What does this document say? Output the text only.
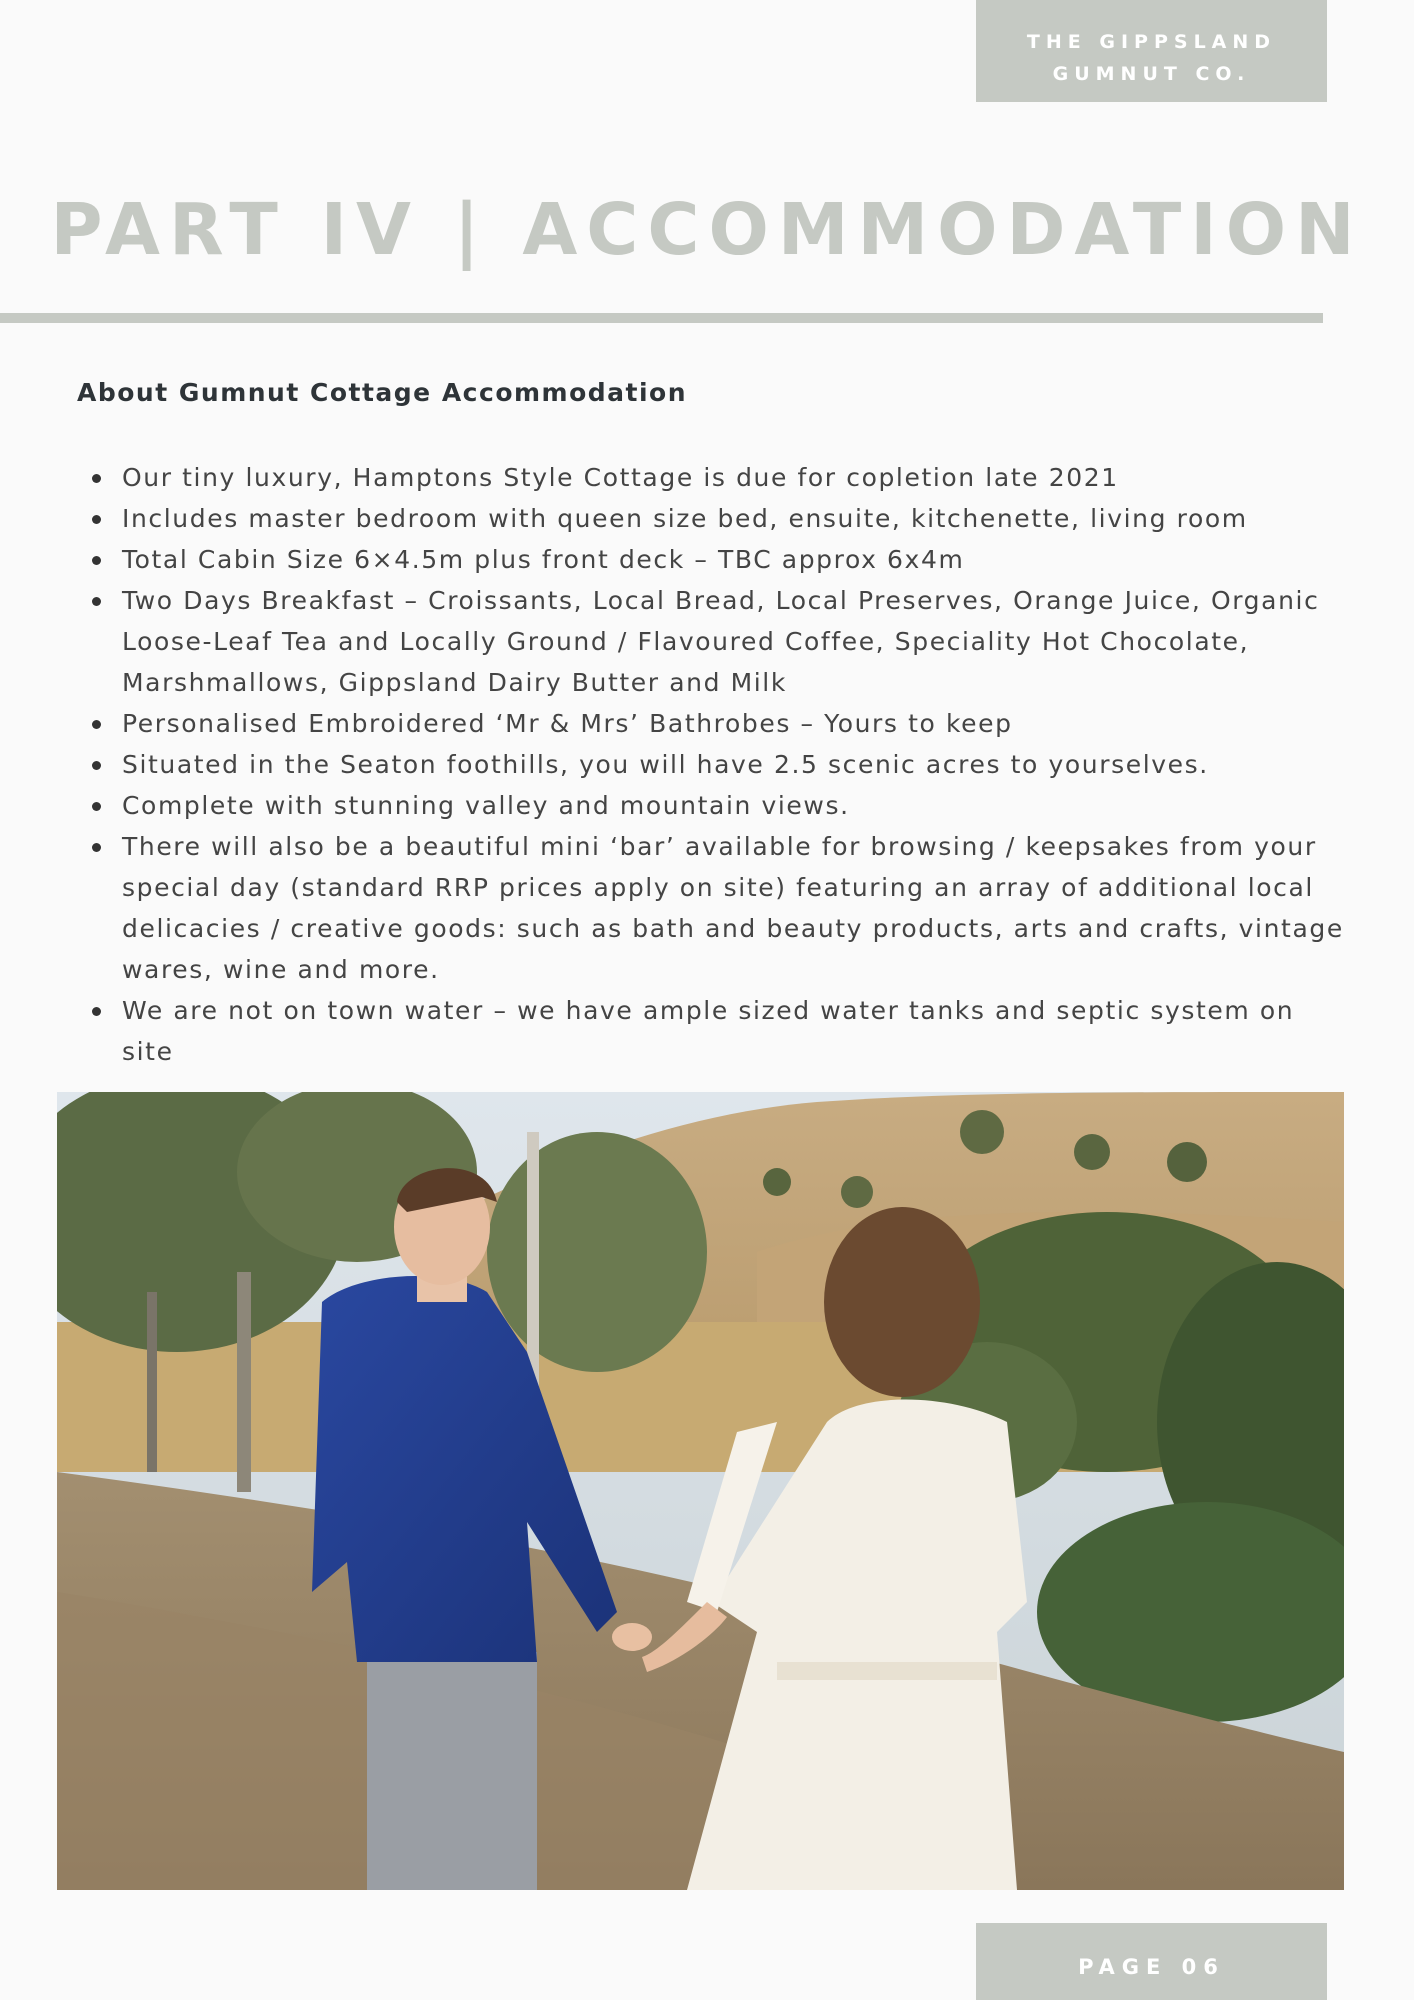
THE GIPPSLAND
GUMNUT CO.
PART IV | ACCOMMODATION
About Gumnut Cottage Accommodation
Our tiny luxury, Hamptons Style Cottage is due for copletion late 2021
Includes master bedroom with queen size bed, ensuite, kitchenette, living room
Total Cabin Size 6×4.5m plus front deck – TBC approx 6x4m
Two Days Breakfast – Croissants, Local Bread, Local Preserves, Orange Juice, Organic Loose-Leaf Tea and Locally Ground / Flavoured Coffee, Speciality Hot Chocolate, Marshmallows, Gippsland Dairy Butter and Milk
Personalised Embroidered ‘Mr & Mrs’ Bathrobes – Yours to keep
Situated in the Seaton foothills, you will have 2.5 scenic acres to yourselves.
Complete with stunning valley and mountain views.
There will also be a beautiful mini ‘bar’ available for browsing / keepsakes from your special day (standard RRP prices apply on site) featuring an array of additional local delicacies / creative goods: such as bath and beauty products, arts and crafts, vintage wares, wine and more.
We are not on town water – we have ample sized water tanks and septic system on site
PAGE 06
